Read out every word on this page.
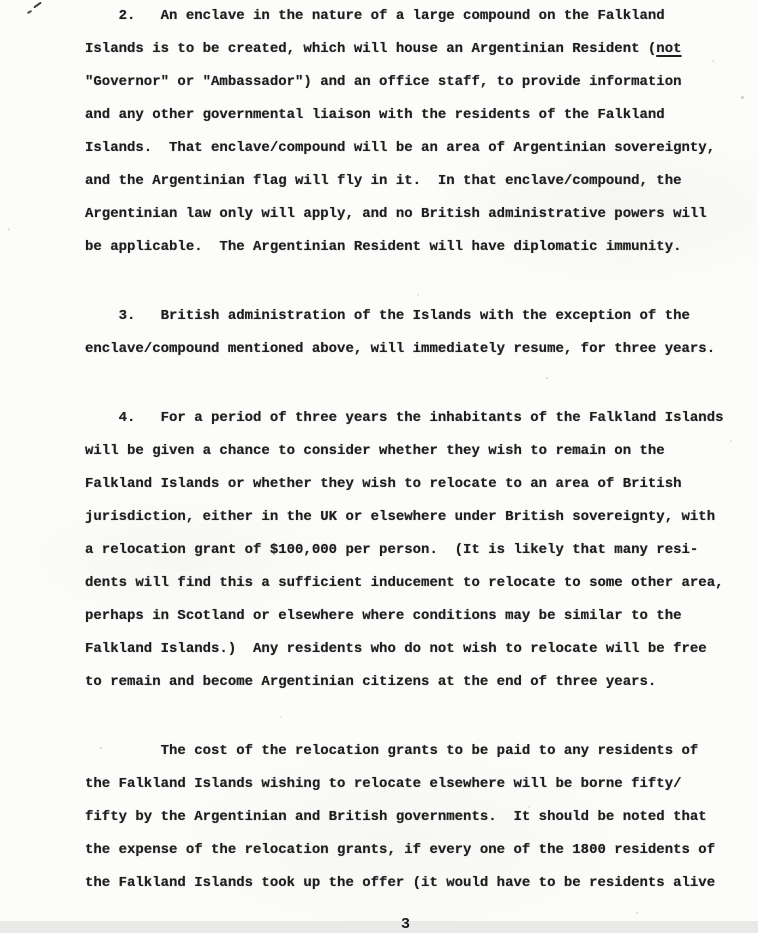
2.   An enclave in the nature of a large compound on the Falkland
Islands is to be created, which will house an Argentinian Resident (not
"Governor" or "Ambassador") and an office staff, to provide information
and any other governmental liaison with the residents of the Falkland
Islands.  That enclave/compound will be an area of Argentinian sovereignty,
and the Argentinian flag will fly in it.  In that enclave/compound, the
Argentinian law only will apply, and no British administrative powers will
be applicable.  The Argentinian Resident will have diplomatic immunity.
3.   British administration of the Islands with the exception of the
enclave/compound mentioned above, will immediately resume, for three years.
4.   For a period of three years the inhabitants of the Falkland Islands
will be given a chance to consider whether they wish to remain on the
Falkland Islands or whether they wish to relocate to an area of British
jurisdiction, either in the UK or elsewhere under British sovereignty, with
a relocation grant of $100,000 per person.  (It is likely that many resi-
dents will find this a sufficient inducement to relocate to some other area,
perhaps in Scotland or elsewhere where conditions may be similar to the
Falkland Islands.)  Any residents who do not wish to relocate will be free
to remain and become Argentinian citizens at the end of three years.
The cost of the relocation grants to be paid to any residents of
the Falkland Islands wishing to relocate elsewhere will be borne fifty/
fifty by the Argentinian and British governments.  It should be noted that
the expense of the relocation grants, if every one of the 1800 residents of
the Falkland Islands took up the offer (it would have to be residents alive
3
